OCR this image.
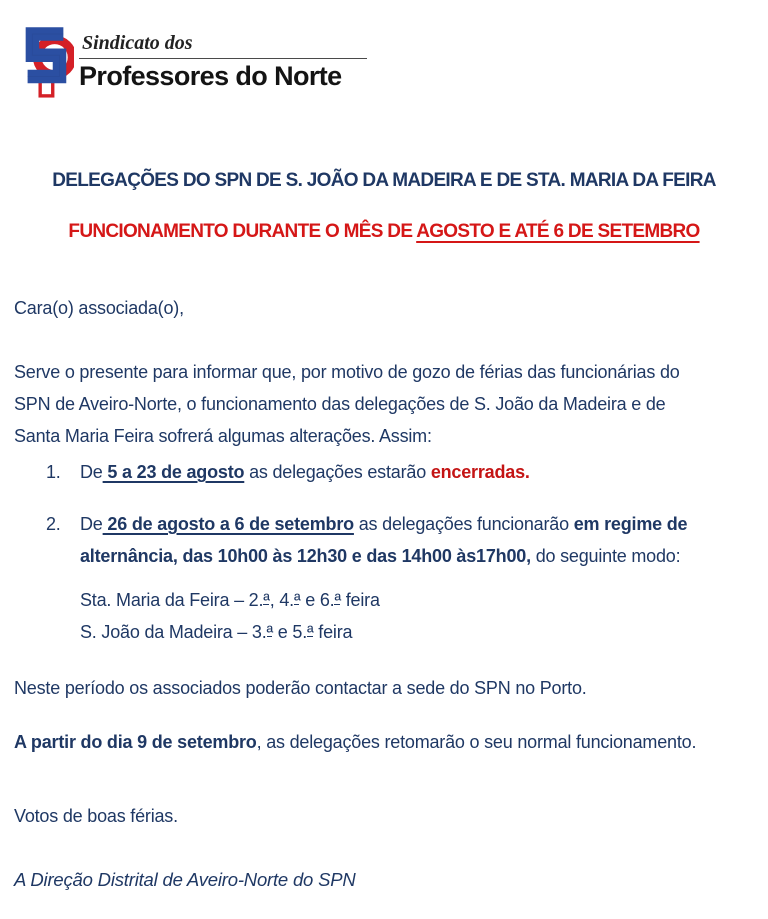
Sindicato dos
Professores do Norte
DELEGAÇÕES DO SPN DE S. JOÃO DA MADEIRA E DE STA. MARIA DA FEIRA
FUNCIONAMENTO DURANTE O MÊS DE AGOSTO E ATÉ 6 DE SETEMBRO
Cara(o) associada(o),
Serve o presente para informar que, por motivo de gozo de férias das funcionárias do
SPN de Aveiro-Norte, o funcionamento das delegações de S. João da Madeira e de
Santa Maria Feira sofrerá algumas alterações. Assim:
1.	De 5 a 23 de agosto as delegações estarão encerradas.
2.	De 26 de agosto a 6 de setembro as delegações funcionarão em regime de
alternância, das 10h00 às 12h30 e das 14h00 às17h00, do seguinte modo:
Sta. Maria da Feira – 2.ª, 4.ª e 6.ª feira
S. João da Madeira – 3.ª e 5.ª feira
Neste período os associados poderão contactar a sede do SPN no Porto.
A partir do dia 9 de setembro, as delegações retomarão o seu normal funcionamento.
Votos de boas férias.
A Direção Distrital de Aveiro-Norte do SPN
